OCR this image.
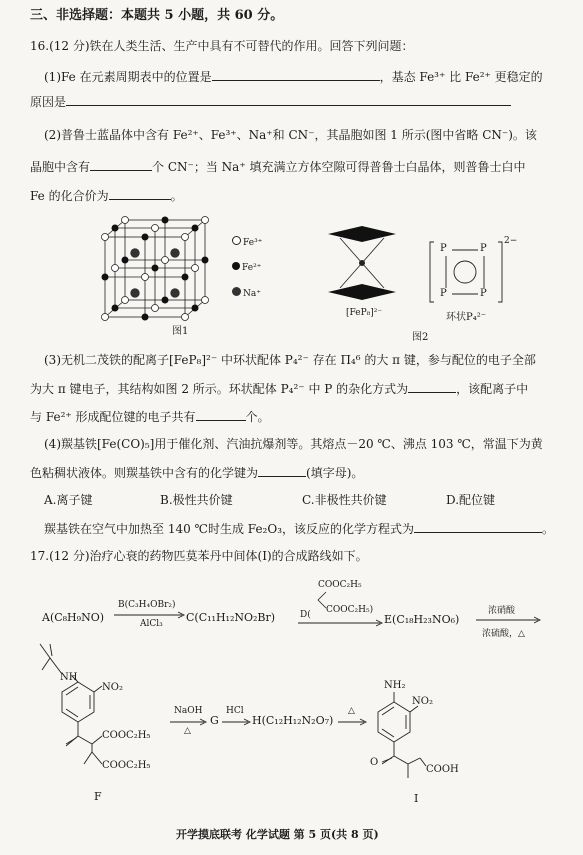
三、非选择题：本题共 5 小题，共 60 分。
16.(12 分)铁在人类生活、生产中具有不可替代的作用。回答下列问题：
(1)Fe 在元素周期表中的位置是	，基态 Fe³⁺ 比 Fe²⁺ 更稳定的
原因是
(2)普鲁士蓝晶体中含有 Fe²⁺、Fe³⁺、Na⁺和 CN⁻，其晶胞如图 1 所示(图中省略 CN⁻)。该
晶胞中含有	个 CN⁻；当 Na⁺ 填充满立方体空隙可得普鲁士白晶体，则普鲁士白中
Fe 的化合价为	。
图1
Fe³⁺
Fe²⁺
Na⁺
[FeP₈]²⁻
图2
P	P
P	P
2−
环状P₄²⁻
(3)无机二茂铁的配离子[FeP₈]²⁻ 中环状配体 P₄²⁻ 存在 Π₄⁶ 的大 π 键，参与配位的电子全部
为大 π 键电子，其结构如图 2 所示。环状配体 P₄²⁻ 中 P 的杂化方式为	，该配离子中
与 Fe²⁺ 形成配位键的电子共有	个。
(4)羰基铁[Fe(CO)₅]用于催化剂、汽油抗爆剂等。其熔点－20 ℃、沸点 103 ℃，常温下为黄
色粘稠状液体。则羰基铁中含有的化学键为	(填字母)。
A.离子键	B.极性共价键	C.非极性共价键	D.配位键
羰基铁在空气中加热至 140 ℃时生成 Fe₂O₃，该反应的化学方程式为	。
17.(12 分)治疗心衰的药物匹莫苯丹中间体(I)的合成路线如下。
A(C₈H₉NO)
B(C₃H₄OBr₂)
AlCl₃ C(C₁₁H₁₂NO₂Br)	D(
COOC₂H₅
COOC₂H₅)
E(C₁₈H₂₃NO₆)
浓硝酸
浓硫酸，△
NH
NO₂
COOC₂H₅
COOC₂H₅
F
NaOH
△
G
HCl
→ H(C₁₂H₁₂N₂O₇)
△
NH₂
NO₂
O
COOH
I
开学摸底联考 化学试题 第 5 页(共 8 页)
